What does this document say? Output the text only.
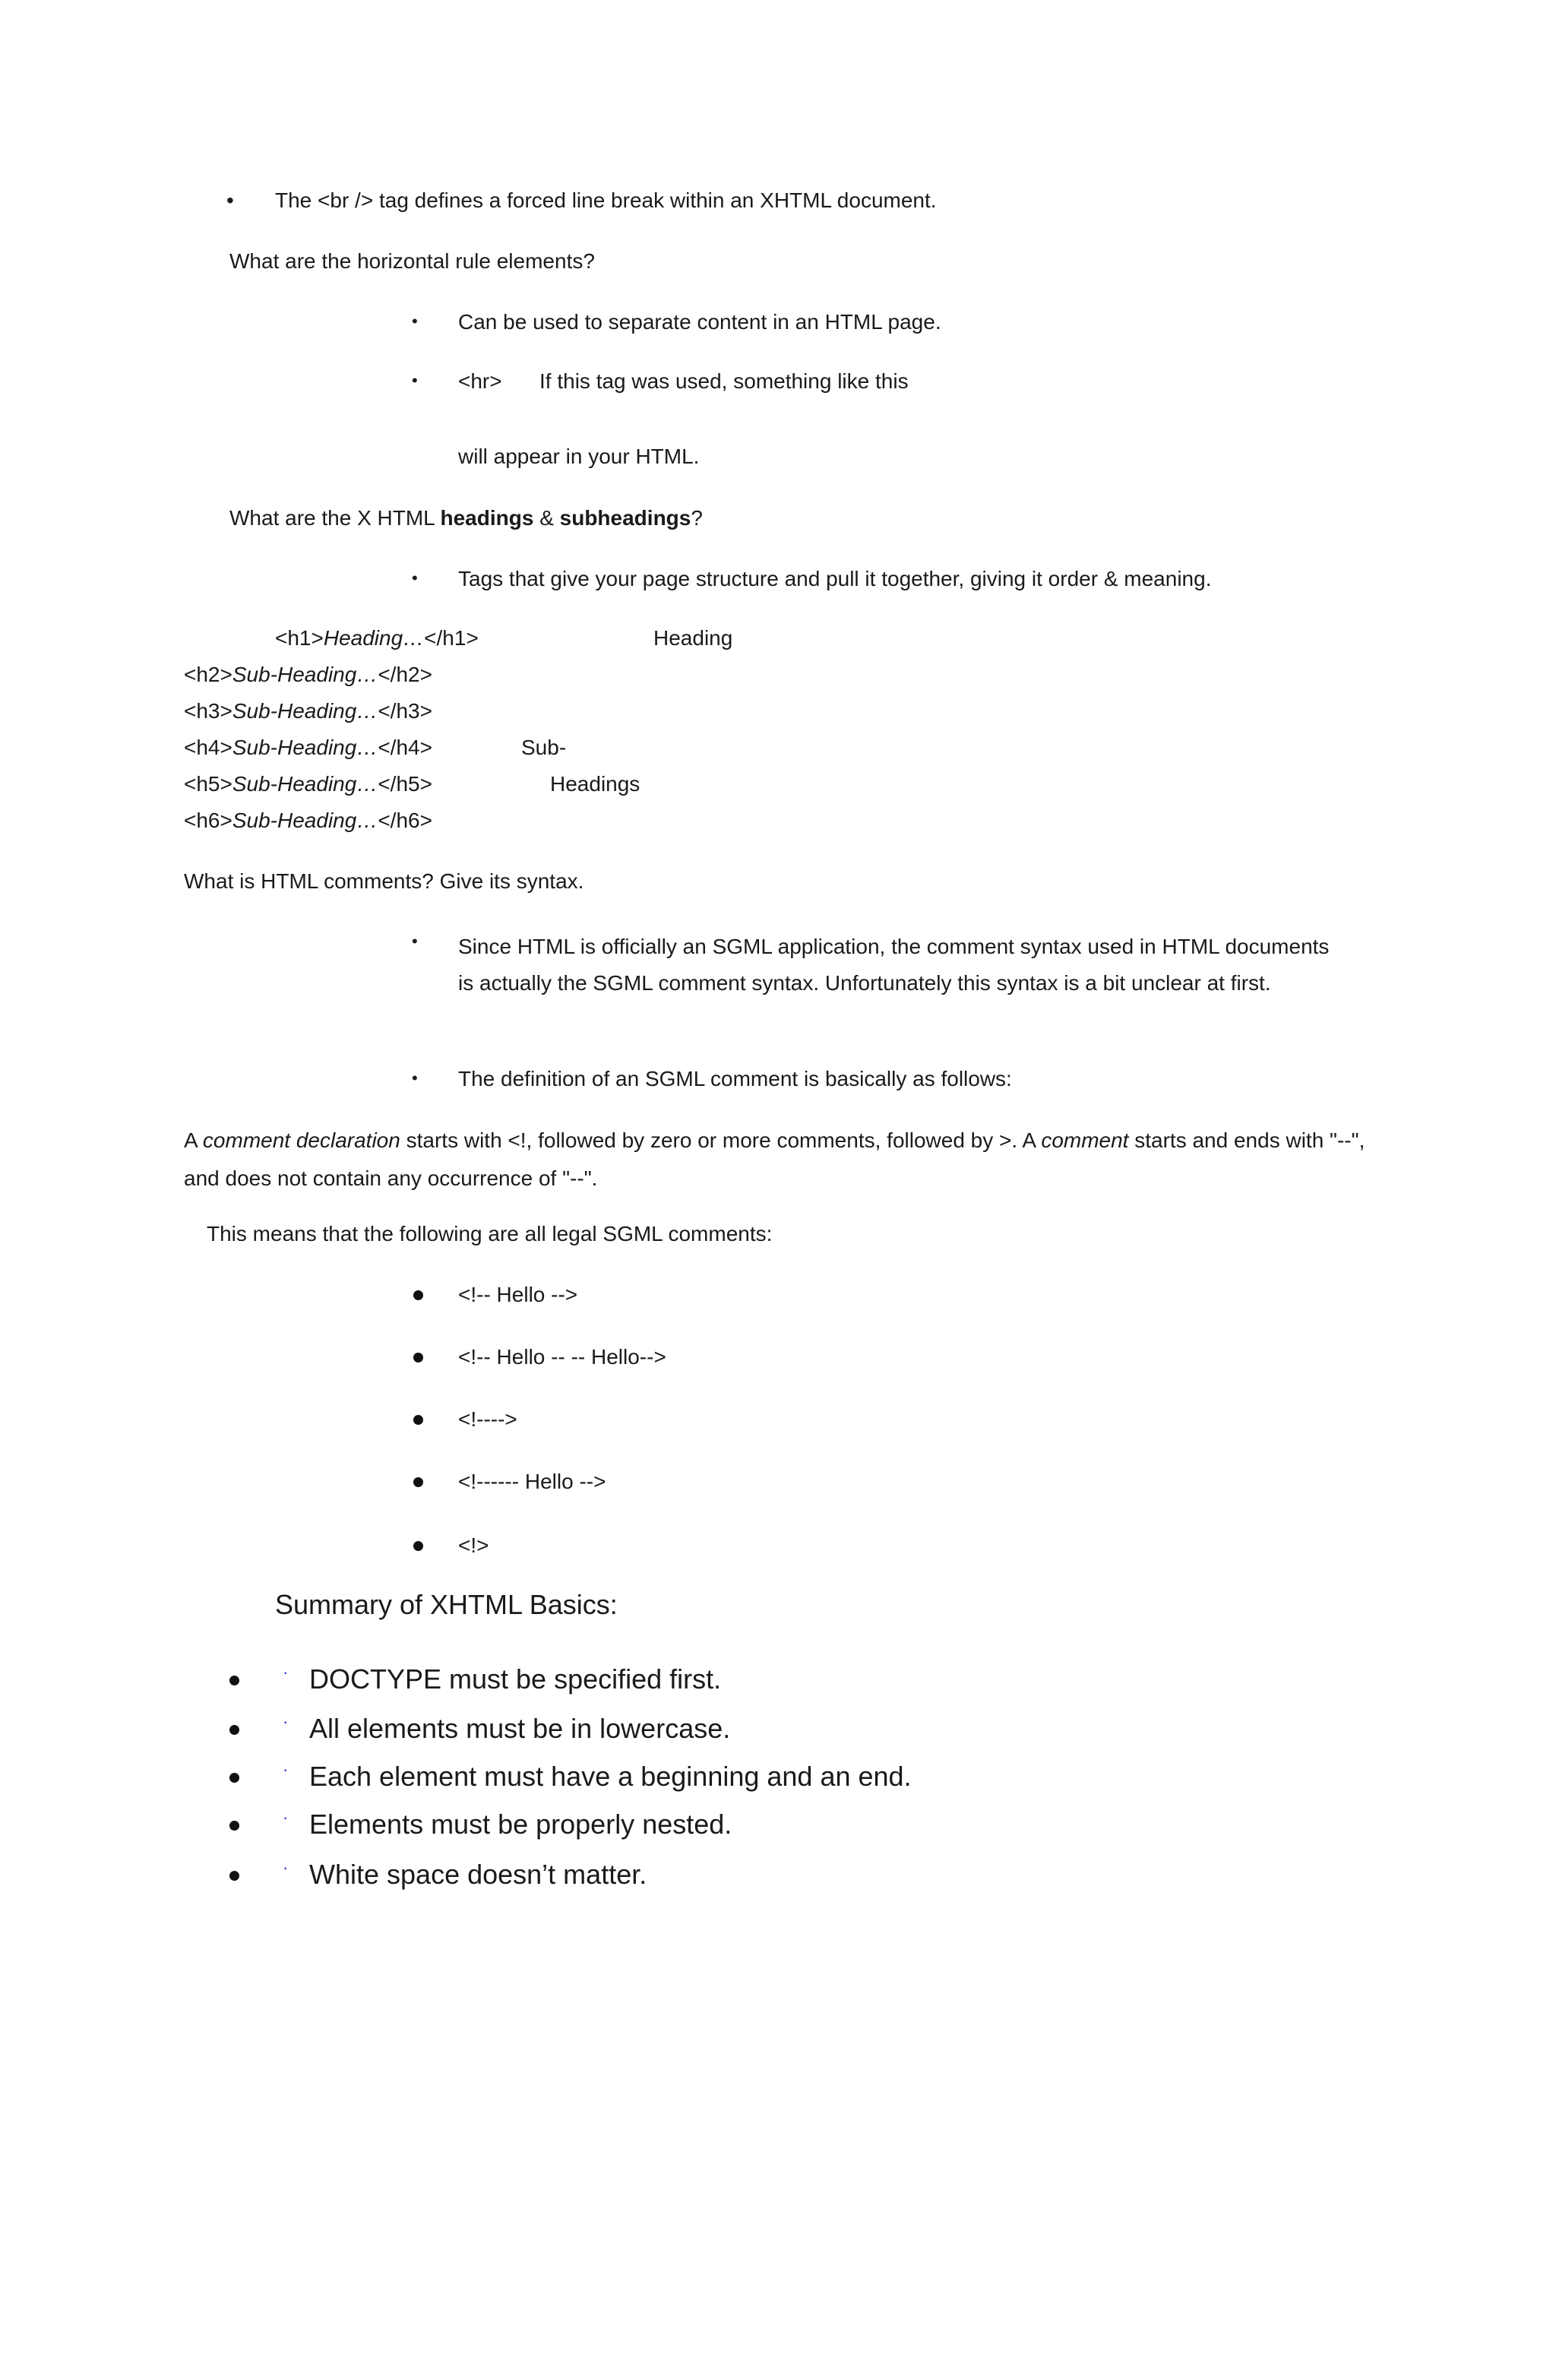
• The <br /> tag defines a forced line break within an XHTML document.
What are the horizontal rule elements?
• Can be used to separate content in an HTML page.
• <hr> If this tag was used, something like this
will appear in your HTML.
What are the X HTML headings & subheadings?
• Tags that give your page structure and pull it together, giving it order & meaning.
<h1>Heading…</h1>
<h2>Sub-Heading…</h2>
<h3>Sub-Heading…</h3>
<h4>Sub-Heading…</h4>
<h5>Sub-Heading…</h5>
<h6>Sub-Heading…</h6>
Heading
Sub-
Headings
What is HTML comments? Give its syntax.
• Since HTML is officially an SGML application, the comment syntax used in HTML documents is actually the SGML comment syntax. Unfortunately this syntax is a bit unclear at first.
• The definition of an SGML comment is basically as follows:
A comment declaration starts with <!, followed by zero or more comments, followed by >. A comment starts and ends with "--", and does not contain any occurrence of "--".
This means that the following are all legal SGML comments:
<!-- Hello -->
<!-- Hello -- -- Hello-->
<!---->
<!------ Hello -->
<!>
Summary of XHTML Basics:
· DOCTYPE must be specified first.
· All elements must be in lowercase.
· Each element must have a beginning and an end.
· Elements must be properly nested.
· White space doesn’t matter.
